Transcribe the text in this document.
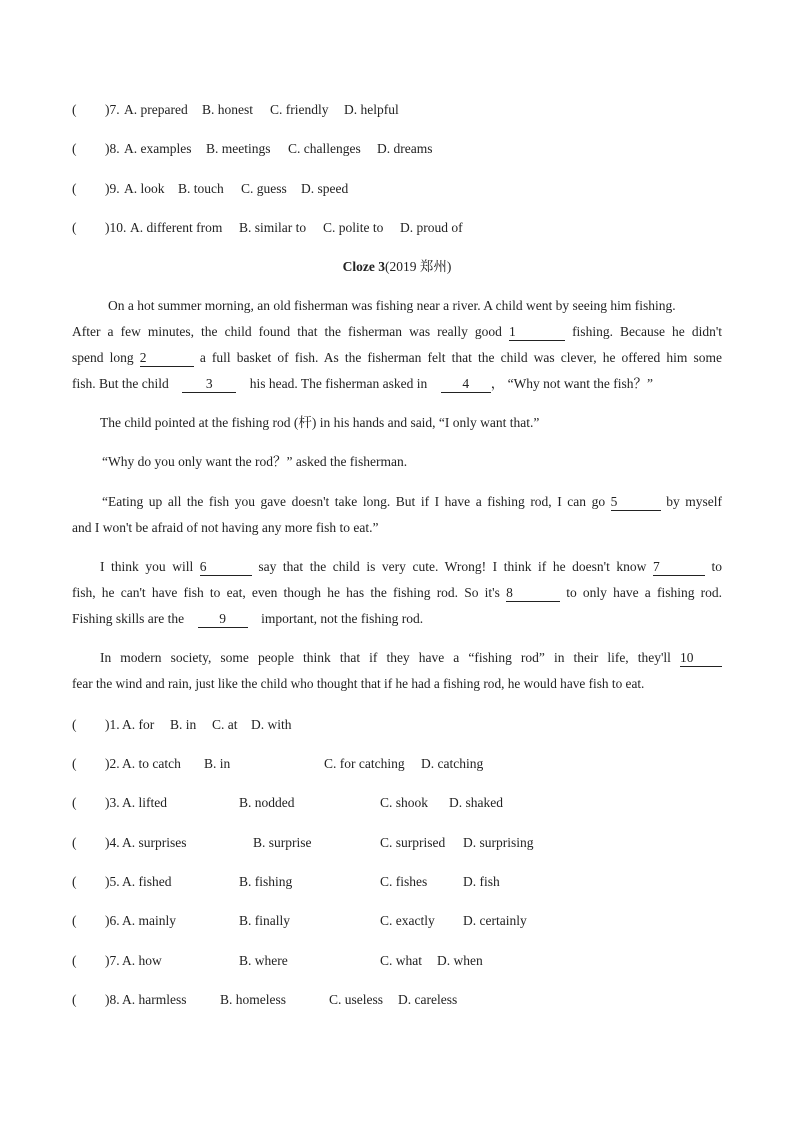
( )7. A. prepared B. honest C. friendly D. helpful
( )8. A. examples B. meetings C. challenges D. dreams
( )9. A. look B. touch C. guess D. speed
( )10. A. different from B. similar to C. polite to D. proud of
Cloze 3(2019 郑州)
On a hot summer morning, an old fisherman was fishing near a river. A child went by seeing him fishing.
After a few minutes, the child found that the fisherman was really good 1	fishing. Because he didn't
spend long 2	a full basket of fish. As the fisherman felt that the child was clever, he offered him some
fish. But the child	3	his head. The fisherman asked in	4 ， “Why not want the fish？”
The child pointed at the fishing rod (杆) in his hands and said, “I only want that.”
“Why do you only want the rod？” asked the fisherman.
“Eating up all the fish you gave doesn't take long. But if I have a fishing rod, I can go 5	by myself
and I won't be afraid of not having any more fish to eat.”
I think you will 6	say that the child is very cute. Wrong! I think if he doesn't know 7	to
fish, he can't have fish to eat, even though he has the fishing rod. So it's 8	to only have a fishing rod.
Fishing skills are the	9	important, not the fishing rod.
In modern society, some people think that if they have a “fishing rod” in their life, they'll 10
fear the wind and rain, just like the child who thought that if he had a fishing rod, he would have fish to eat.
( )1. A. for B. in C. at D. with
( )2. A. to catch B. in	C. for catching D. catching
( )3. A. lifted	B. nodded	C. shook D. shaked
( )4. A. surprises	B. surprise	C. surprised D. surprising
( )5. A. fished	B. fishing	C. fishes	D. fish
( )6. A. mainly	B. finally	C. exactly D. certainly
( )7. A. how	B. where	C. what D. when
( )8. A. harmless B. homeless	C. useless D. careless
